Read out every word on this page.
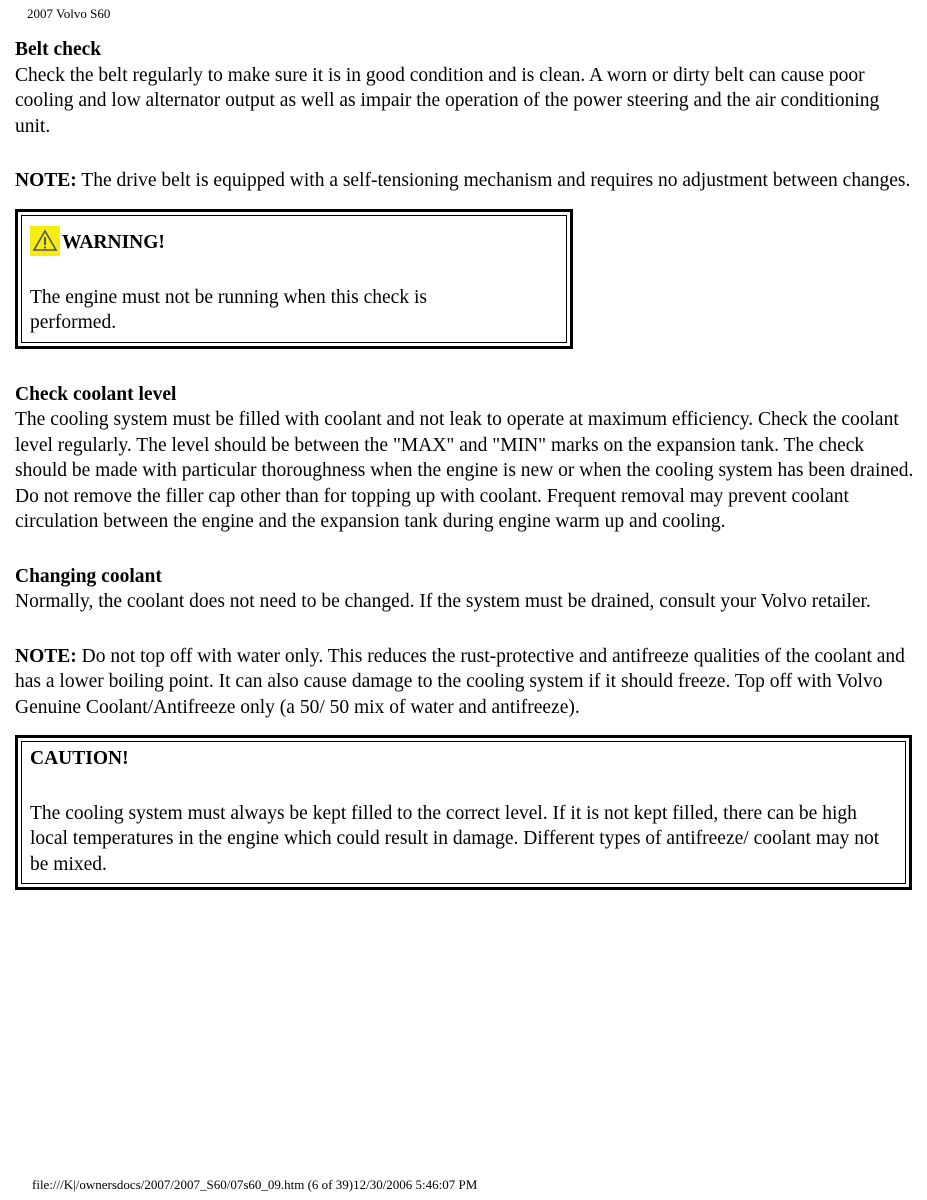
2007 Volvo S60

Belt check

Check the belt regularly to make sure it is in good condition and is clean. A worn or dirty belt can cause poor cooling and low alternator output as well as impair the operation of the power steering and the air conditioning unit.

NOTE: The drive belt is equipped with a self-tensioning mechanism and requires no adjustment between changes.

WARNING!

The engine must not be running when this check is performed.

Check coolant level

The cooling system must be filled with coolant and not leak to operate at maximum efficiency. Check the coolant level regularly. The level should be between the "MAX" and "MIN" marks on the expansion tank. The check should be made with particular thoroughness when the engine is new or when the cooling system has been drained.

Do not remove the filler cap other than for topping up with coolant. Frequent removal may prevent coolant circulation between the engine and the expansion tank during engine warm up and cooling.

Changing coolant

Normally, the coolant does not need to be changed. If the system must be drained, consult your Volvo retailer.

NOTE: Do not top off with water only. This reduces the rust-protective and antifreeze qualities of the coolant and has a lower boiling point. It can also cause damage to the cooling system if it should freeze. Top off with Volvo Genuine Coolant/Antifreeze only (a 50/ 50 mix of water and antifreeze).

CAUTION!

The cooling system must always be kept filled to the correct level. If it is not kept filled, there can be high local temperatures in the engine which could result in damage. Different types of antifreeze/ coolant may not be mixed.

file:///K|/ownersdocs/2007/2007_S60/07s60_09.htm (6 of 39)12/30/2006 5:46:07 PM
